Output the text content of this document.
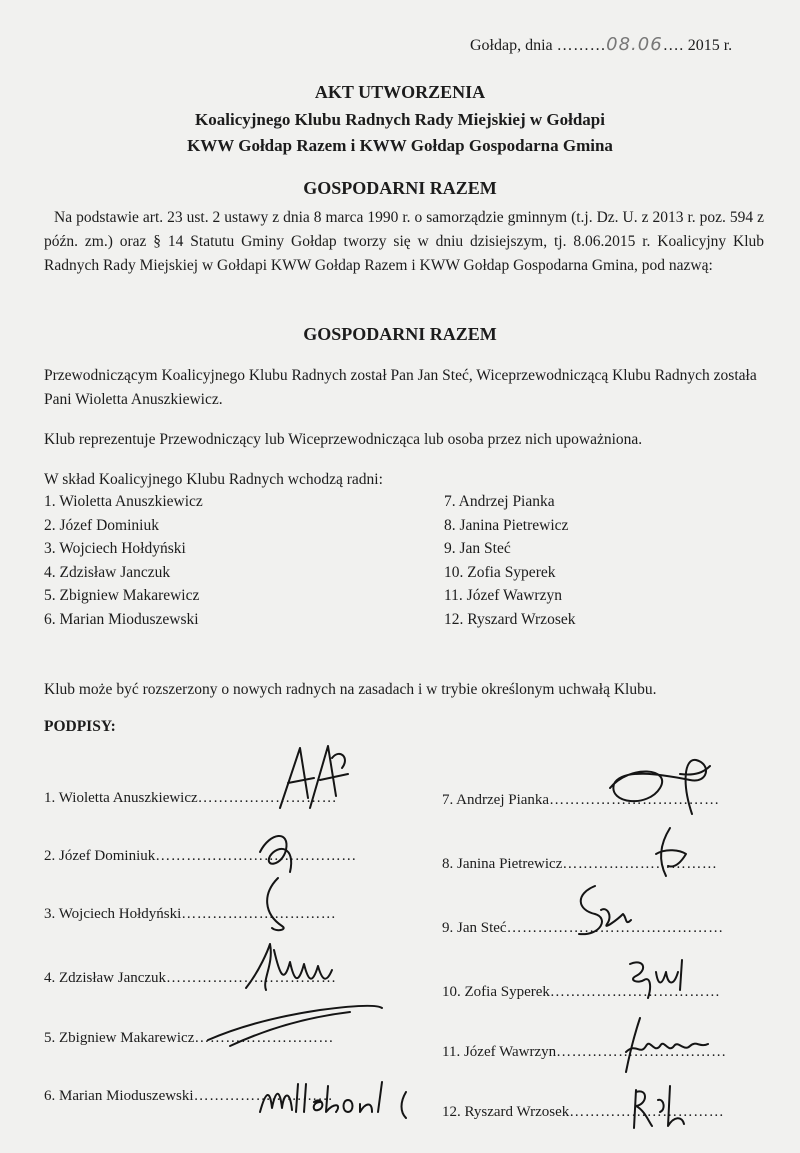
Gołdap, dnia ………08.06…. 2015 r.
AKT UTWORZENIA
Koalicyjnego Klubu Radnych Rady Miejskiej w Gołdapi
KWW Gołdap Razem i KWW Gołdap Gospodarna Gmina
GOSPODARNI RAZEM
Na podstawie art. 23 ust. 2 ustawy z dnia 8 marca 1990 r. o samorządzie gminnym (t.j. Dz. U. z 2013 r. poz. 594 z późn. zm.) oraz § 14 Statutu Gminy Gołdap tworzy się w dniu dzisiejszym, tj. 8.06.2015 r. Koalicyjny Klub Radnych Rady Miejskiej w Gołdapi KWW Gołdap Razem i KWW Gołdap Gospodarna Gmina, pod nazwą:
GOSPODARNI RAZEM
Przewodniczącym Koalicyjnego Klubu Radnych został Pan Jan Steć, Wiceprzewodniczącą Klubu Radnych została Pani Wioletta Anuszkiewicz.
Klub reprezentuje Przewodniczący lub Wiceprzewodnicząca lub osoba przez nich upoważniona.
W skład Koalicyjnego Klubu Radnych wchodzą radni:
1. Wioletta Anuszkiewicz
2. Józef Dominiuk
3. Wojciech Hołdyński
4. Zdzisław Janczuk
5. Zbigniew Makarewicz
6. Marian Mioduszewski
7. Andrzej Pianka
8. Janina Pietrewicz
9. Jan Steć
10. Zofia Syperek
11. Józef Wawrzyn
12. Ryszard Wrzosek
Klub może być rozszerzony o nowych radnych na zasadach i w trybie określonym uchwałą Klubu.
PODPISY:
1. Wioletta Anuszkiewicz………………………
2. Józef Dominiuk…………………………………
3. Wojciech Hołdyński…………………………
4. Zdzisław Janczuk……………………………
5. Zbigniew Makarewicz………………………
6. Marian Mioduszewski………………………
7. Andrzej Pianka……………………………
8. Janina Pietrewicz…………………………
9. Jan Steć……………………………………
10. Zofia Syperek……………………………
11. Józef Wawrzyn……………………………
12. Ryszard Wrzosek…………………………
